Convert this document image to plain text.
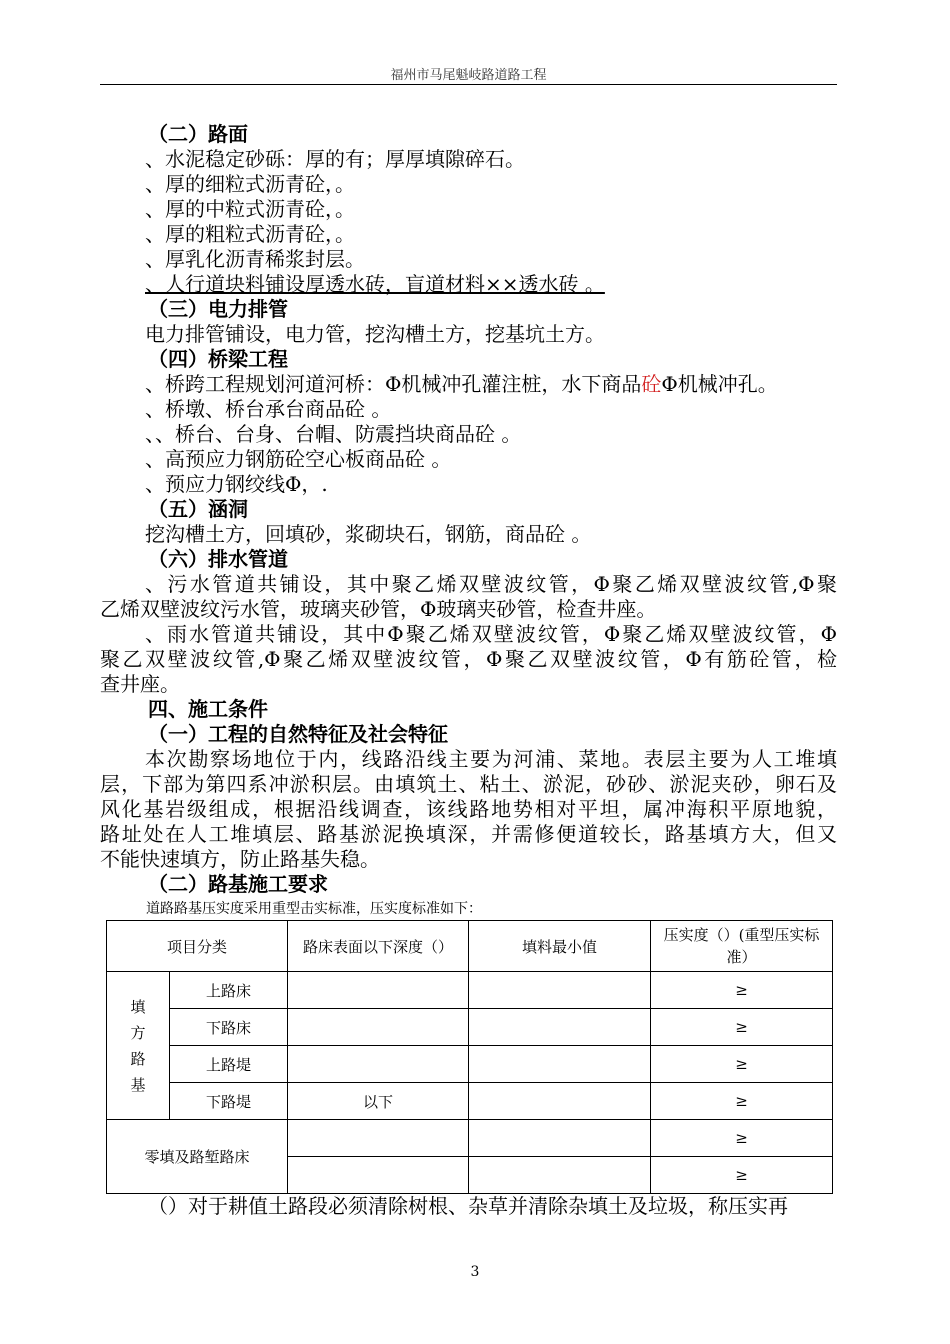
福州市马尾魁岐路道路工程
（二）路面
、水泥稳定砂砾：厚的有；厚厚填隙碎石。
、厚的细粒式沥青砼，。
、厚的中粒式沥青砼，。
、厚的粗粒式沥青砼，。
、厚乳化沥青稀浆封层。
、人行道块料铺设厚透水砖，盲道材料××透水砖 。
（三）电力排管
电力排管铺设，电力管，挖沟槽土方，挖基坑土方。
（四）桥梁工程
、桥跨工程规划河道河桥：Φ机械冲孔灌注桩，水下商品砼Φ机械冲孔。
、桥墩、桥台承台商品砼 。
、、桥台、台身、台帽、防震挡块商品砼 。
、高预应力钢筋砼空心板商品砼 。
、预应力钢绞线Φ，.
（五）涵洞
挖沟槽土方，回填砂，浆砌块石，钢筋，商品砼 。
（六）排水管道
、污水管道共铺设，其中聚乙烯双壁波纹管，Φ聚乙烯双壁波纹管,Φ聚
乙烯双壁波纹污水管，玻璃夹砂管，Φ玻璃夹砂管，检查井座。
、雨水管道共铺设，其中Φ聚乙烯双壁波纹管，Φ聚乙烯双壁波纹管，Φ
聚乙双壁波纹管,Φ聚乙烯双壁波纹管，Φ聚乙双壁波纹管，Φ有筋砼管，检
查井座。
四、施工条件
（一）工程的自然特征及社会特征
本次勘察场地位于内，线路沿线主要为河浦、菜地。表层主要为人工堆填
层，下部为第四系冲淤积层。由填筑土、粘土、淤泥，砂砂、淤泥夹砂，卵石及
风化基岩级组成，根据沿线调查，该线路地势相对平坦，属冲海积平原地貌，
路址处在人工堆填层、路基淤泥换填深，并需修便道较长，路基填方大，但又
不能快速填方，防止路基失稳。
（二）路基施工要求
道路路基压实度采用重型击实标准，压实度标准如下：
项目分类		路床表面以下深度（）	填料最小值	压实度（）(重型压实标
准）
填
方
路
基	上路床			≥
	下路床			≥
	上路堤			≥
	下路堤	以下		≥
零填及路堑路床				≥
				≥
（）对于耕值土路段必须清除树根、杂草并清除杂填土及垃圾，称压实再
3
